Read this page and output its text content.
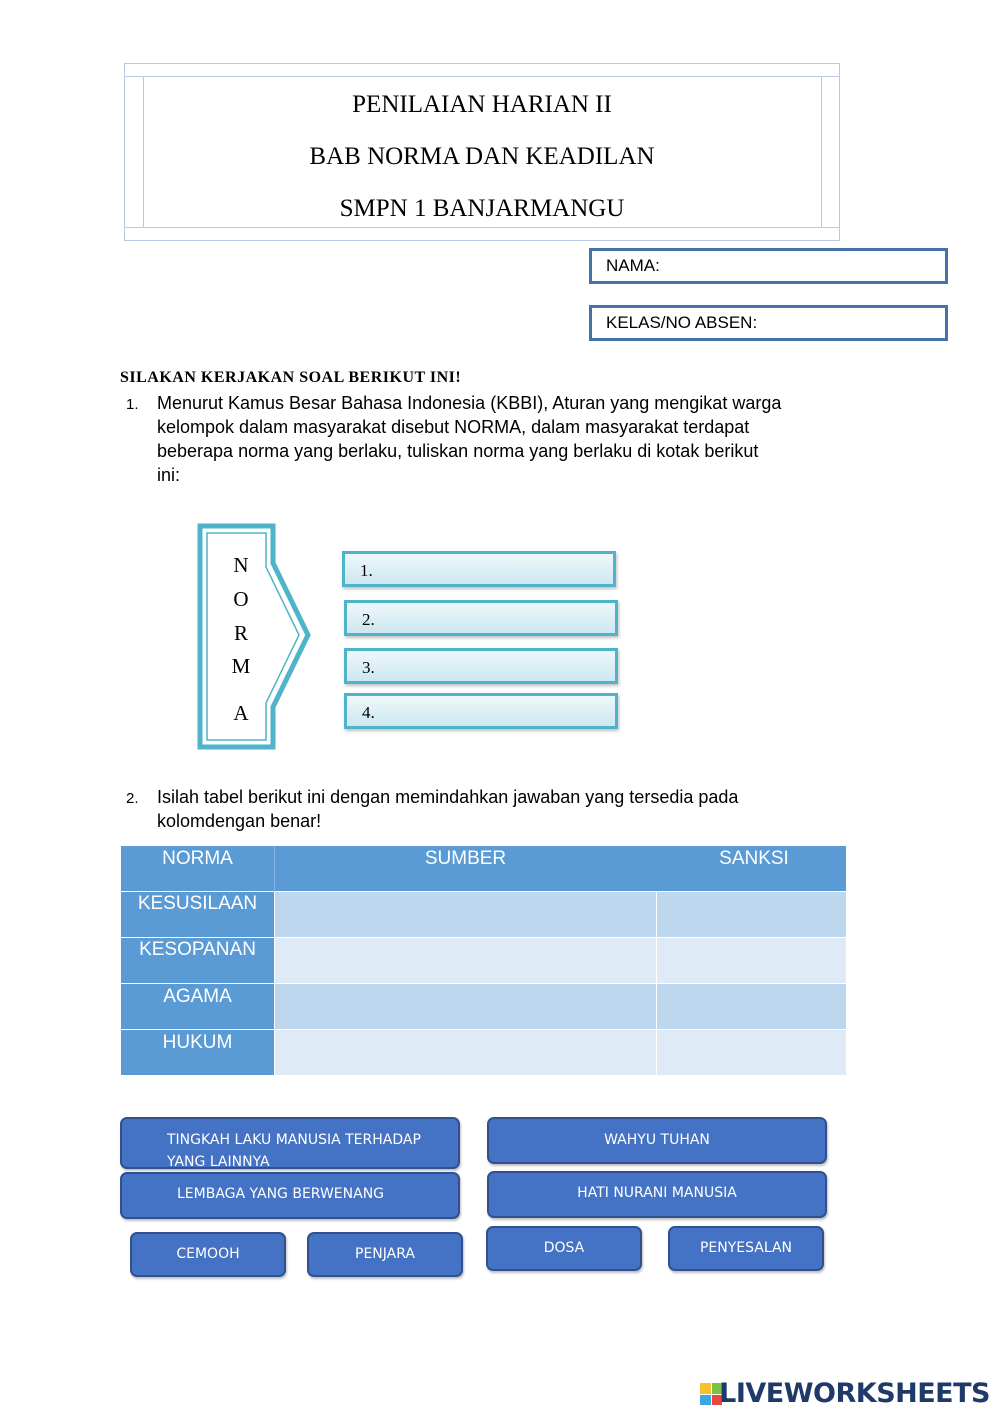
PENILAIAN HARIAN II
BAB NORMA DAN KEADILAN
SMPN 1 BANJARMANGU
NAMA:
KELAS/NO ABSEN:
SILAKAN KERJAKAN SOAL BERIKUT INI!
1. Menurut Kamus Besar Bahasa Indonesia (KBBI), Aturan yang mengikat warga
kelompok dalam masyarakat disebut NORMA, dalam masyarakat terdapat
beberapa norma yang berlaku, tuliskan norma yang berlaku di kotak berikut
ini:
N
O
R
M
A
1.
2.
3.
4.
2. Isilah tabel berikut ini dengan memindahkan jawaban yang tersedia pada
kolomdengan benar!
NORMA	SUMBER	SANKSI

KESUSILAAN		

KESOPANAN		

AGAMA		

HUKUM		

TINGKAH LAKU MANUSIA TERHADAP
YANG LAINNYA
WAHYU TUHAN
LEMBAGA YANG BERWENANG	HATI NURANI MANUSIA
CEMOOH	PENJARA	DOSA	PENYESALAN
LIVEWORKSHEETS
